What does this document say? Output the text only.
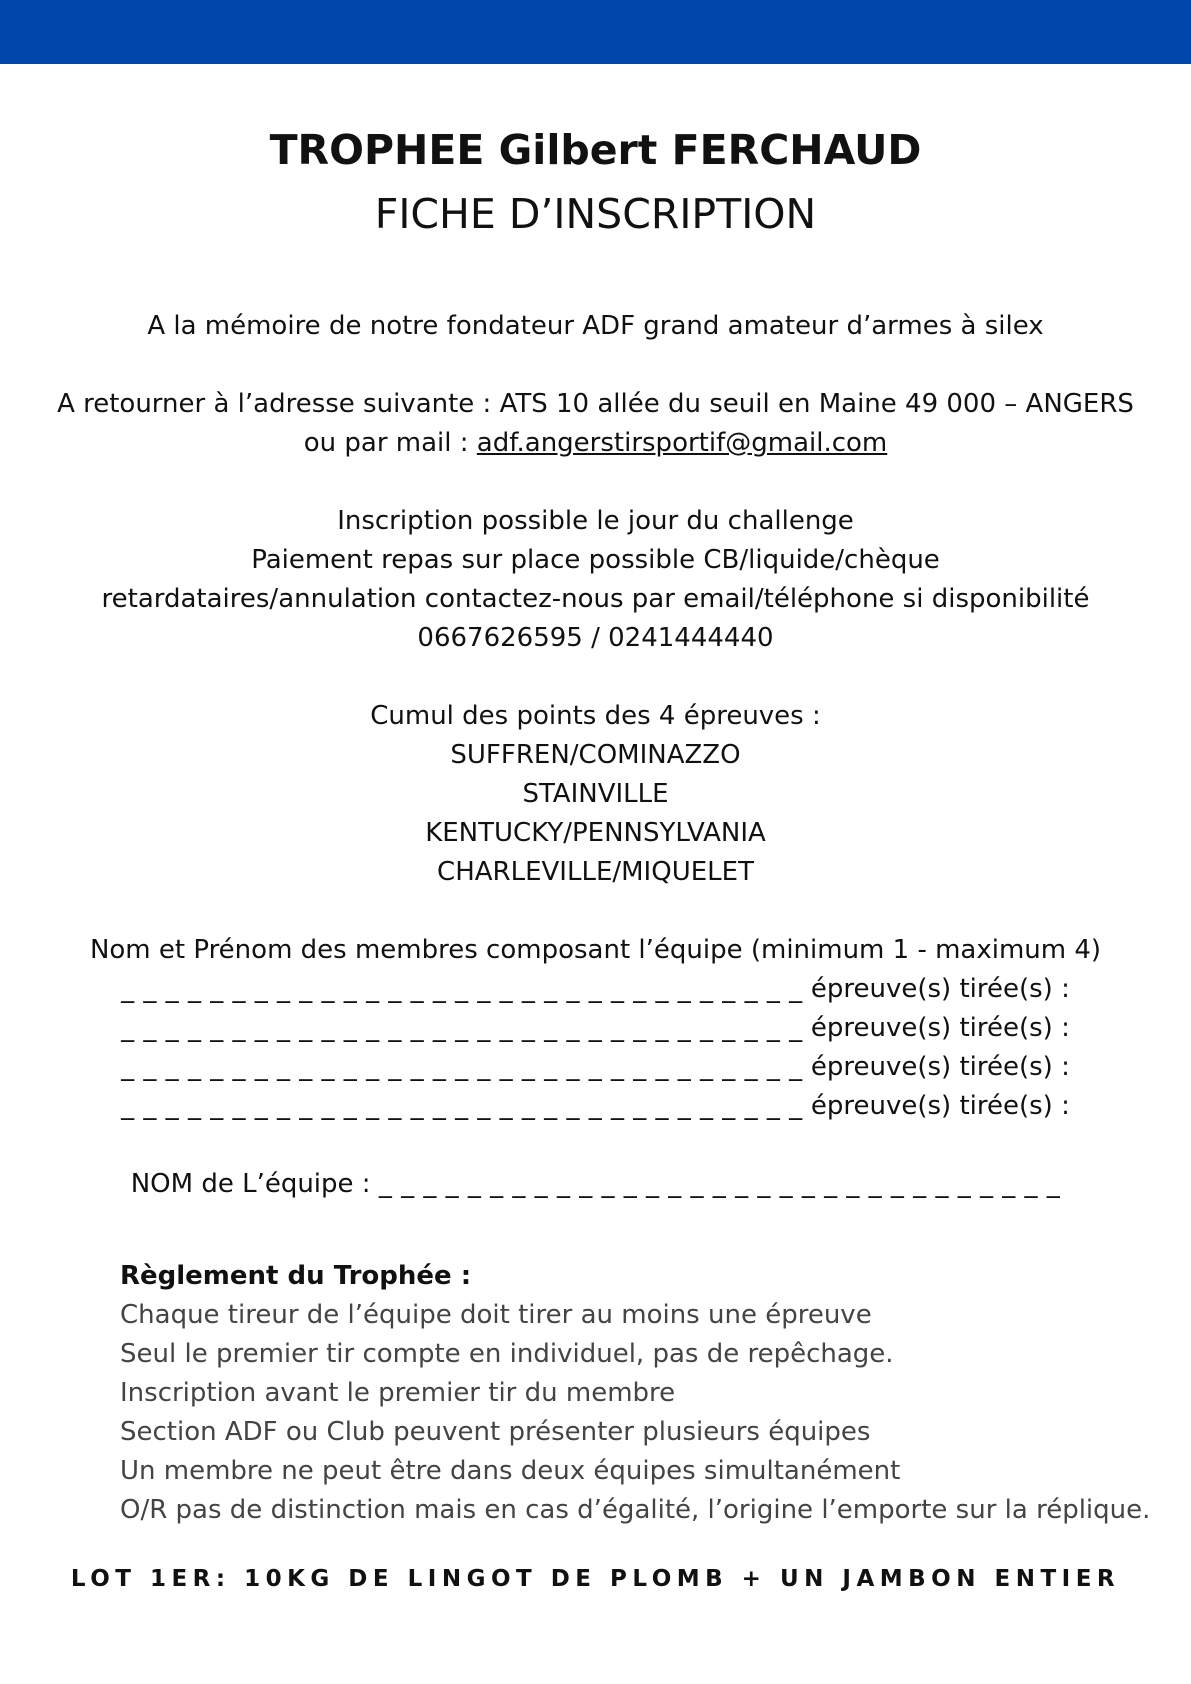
TROPHEE Gilbert FERCHAUD
FICHE D’INSCRIPTION
A la mémoire de notre fondateur ADF grand amateur d’armes à silex
A retourner à l’adresse suivante : ATS 10 allée du seuil en Maine 49 000 – ANGERS
ou par mail : adf.angerstirsportif@gmail.com
Inscription possible le jour du challenge
Paiement repas sur place possible CB/liquide/chèque
retardataires/annulation contactez-nous par email/téléphone si disponibilité
0667626595 / 0241444440
Cumul des points des 4 épreuves :
SUFFREN/COMINAZZO
STAINVILLE
KENTUCKY/PENNSYLVANIA
CHARLEVILLE/MIQUELET
Nom et Prénom des membres composant l’équipe (minimum 1 - maximum 4)
_ _ _ _ _ _ _ _ _ _ _ _ _ _ _ _ _ _ _ _ _ _ _ _ _ _ _ _ _ _ _ épreuve(s) tirée(s) :
_ _ _ _ _ _ _ _ _ _ _ _ _ _ _ _ _ _ _ _ _ _ _ _ _ _ _ _ _ _ _ épreuve(s) tirée(s) :
_ _ _ _ _ _ _ _ _ _ _ _ _ _ _ _ _ _ _ _ _ _ _ _ _ _ _ _ _ _ _ épreuve(s) tirée(s) :
_ _ _ _ _ _ _ _ _ _ _ _ _ _ _ _ _ _ _ _ _ _ _ _ _ _ _ _ _ _ _ épreuve(s) tirée(s) :
NOM de L’équipe : _ _ _ _ _ _ _ _ _ _ _ _ _ _ _ _ _ _ _ _ _ _ _ _ _ _ _ _ _ _ _
Règlement du Trophée :
Chaque tireur de l’équipe doit tirer au moins une épreuve
Seul le premier tir compte en individuel, pas de repêchage.
Inscription avant le premier tir du membre
Section ADF ou Club peuvent présenter plusieurs équipes
Un membre ne peut être dans deux équipes simultanément
O/R pas de distinction mais en cas d’égalité, l’origine l’emporte sur la réplique.
LOT 1ER: 10KG DE LINGOT DE PLOMB + UN JAMBON ENTIER
